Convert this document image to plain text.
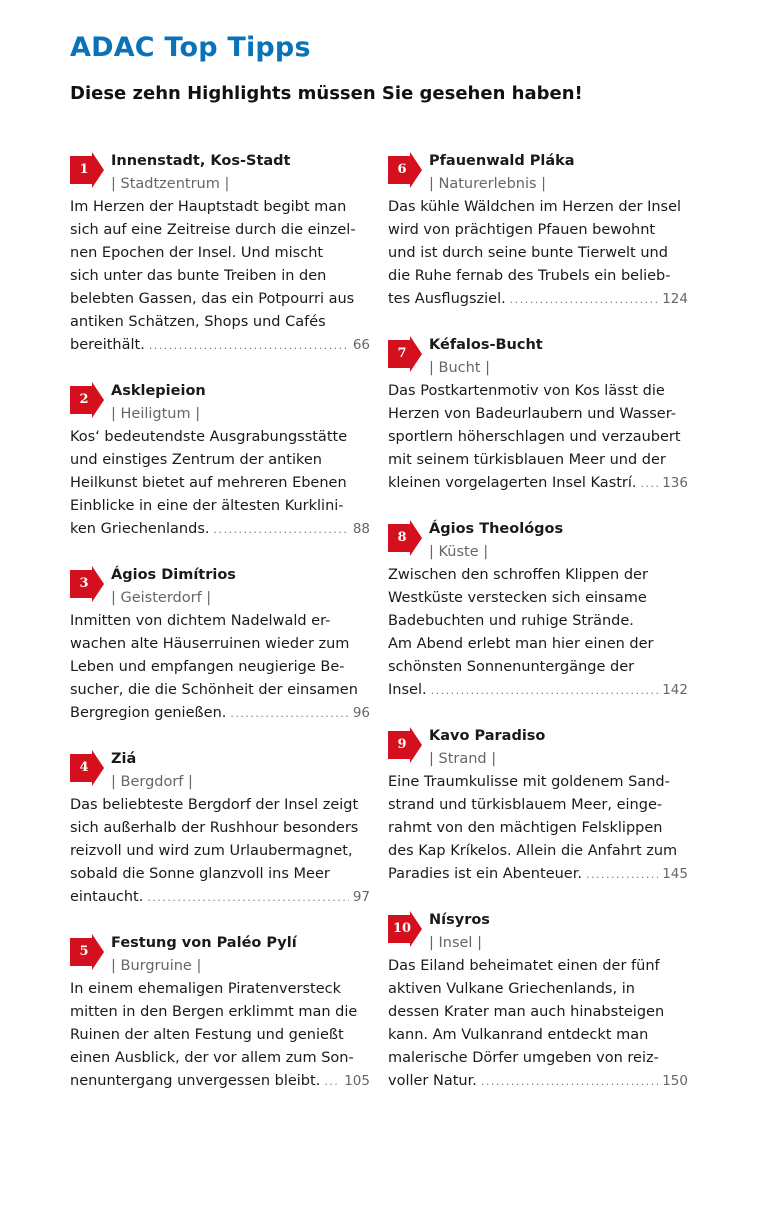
ADAC Top Tipps
Diese zehn Highlights müssen Sie gesehen haben!
1
Innenstadt, Kos-Stadt
| Stadtzentrum |
Im Herzen der Hauptstadt begibt man
sich auf eine Zeitreise durch die einzel-
nen Epochen der Insel. Und mischt
sich unter das bunte Treiben in den
belebten Gassen, das ein Potpourri aus
antiken Schätzen, Shops und Cafés
bereithält. .....	66
2
Asklepieion
| Heiligtum |
Kos‘ bedeutendste Ausgrabungsstätte
und einstiges Zentrum der antiken
Heilkunst bietet auf mehreren Ebenen
Einblicke in eine der ältesten Kurklini-
ken Griechenlands. .....	88
3
Ágios Dimítrios
| Geisterdorf |
Inmitten von dichtem Nadelwald er-
wachen alte Häuserruinen wieder zum
Leben und empfangen neugierige Be-
sucher, die die Schönheit der einsamen
Bergregion genießen. .....	96
4
Ziá
| Bergdorf |
Das beliebteste Bergdorf der Insel zeigt
sich außerhalb der Rushhour besonders
reizvoll und wird zum Urlaubermagnet,
sobald die Sonne glanzvoll ins Meer
eintaucht. .....	97
5
Festung von Paléo Pylí
| Burgruine |
In einem ehemaligen Piratenversteck
mitten in den Bergen erklimmt man die
Ruinen der alten Festung und genießt
einen Ausblick, der vor allem zum Son-
nenuntergang unvergessen bleibt. ..... 105
6
Pfauenwald Pláka
| Naturerlebnis |
Das kühle Wäldchen im Herzen der Insel
wird von prächtigen Pfauen bewohnt
und ist durch seine bunte Tierwelt und
die Ruhe fernab des Trubels ein belieb-
tes Ausflugsziel. .....	124
7
Kéfalos-Bucht
| Bucht |
Das Postkartenmotiv von Kos lässt die
Herzen von Badeurlaubern und Wasser-
sportlern höherschlagen und verzaubert
mit seinem türkisblauen Meer und der
kleinen vorgelagerten Insel Kastrí. ..... 136
8
Ágios Theológos
| Küste |
Zwischen den schroffen Klippen der
Westküste verstecken sich einsame
Badebuchten und ruhige Strände.
Am Abend erlebt man hier einen der
schönsten Sonnenuntergänge der
Insel. .....	142
9
Kavo Paradiso
| Strand |
Eine Traumkulisse mit goldenem Sand-
strand und türkisblauem Meer, einge-
rahmt von den mächtigen Felsklippen
des Kap Kríkelos. Allein die Anfahrt zum
Paradies ist ein Abenteuer. .....	145
10
Nísyros
| Insel |
Das Eiland beheimatet einen der fünf
aktiven Vulkane Griechenlands, in
dessen Krater man auch hinabsteigen
kann. Am Vulkanrand entdeckt man
malerische Dörfer umgeben von reiz-
voller Natur. .....	150
